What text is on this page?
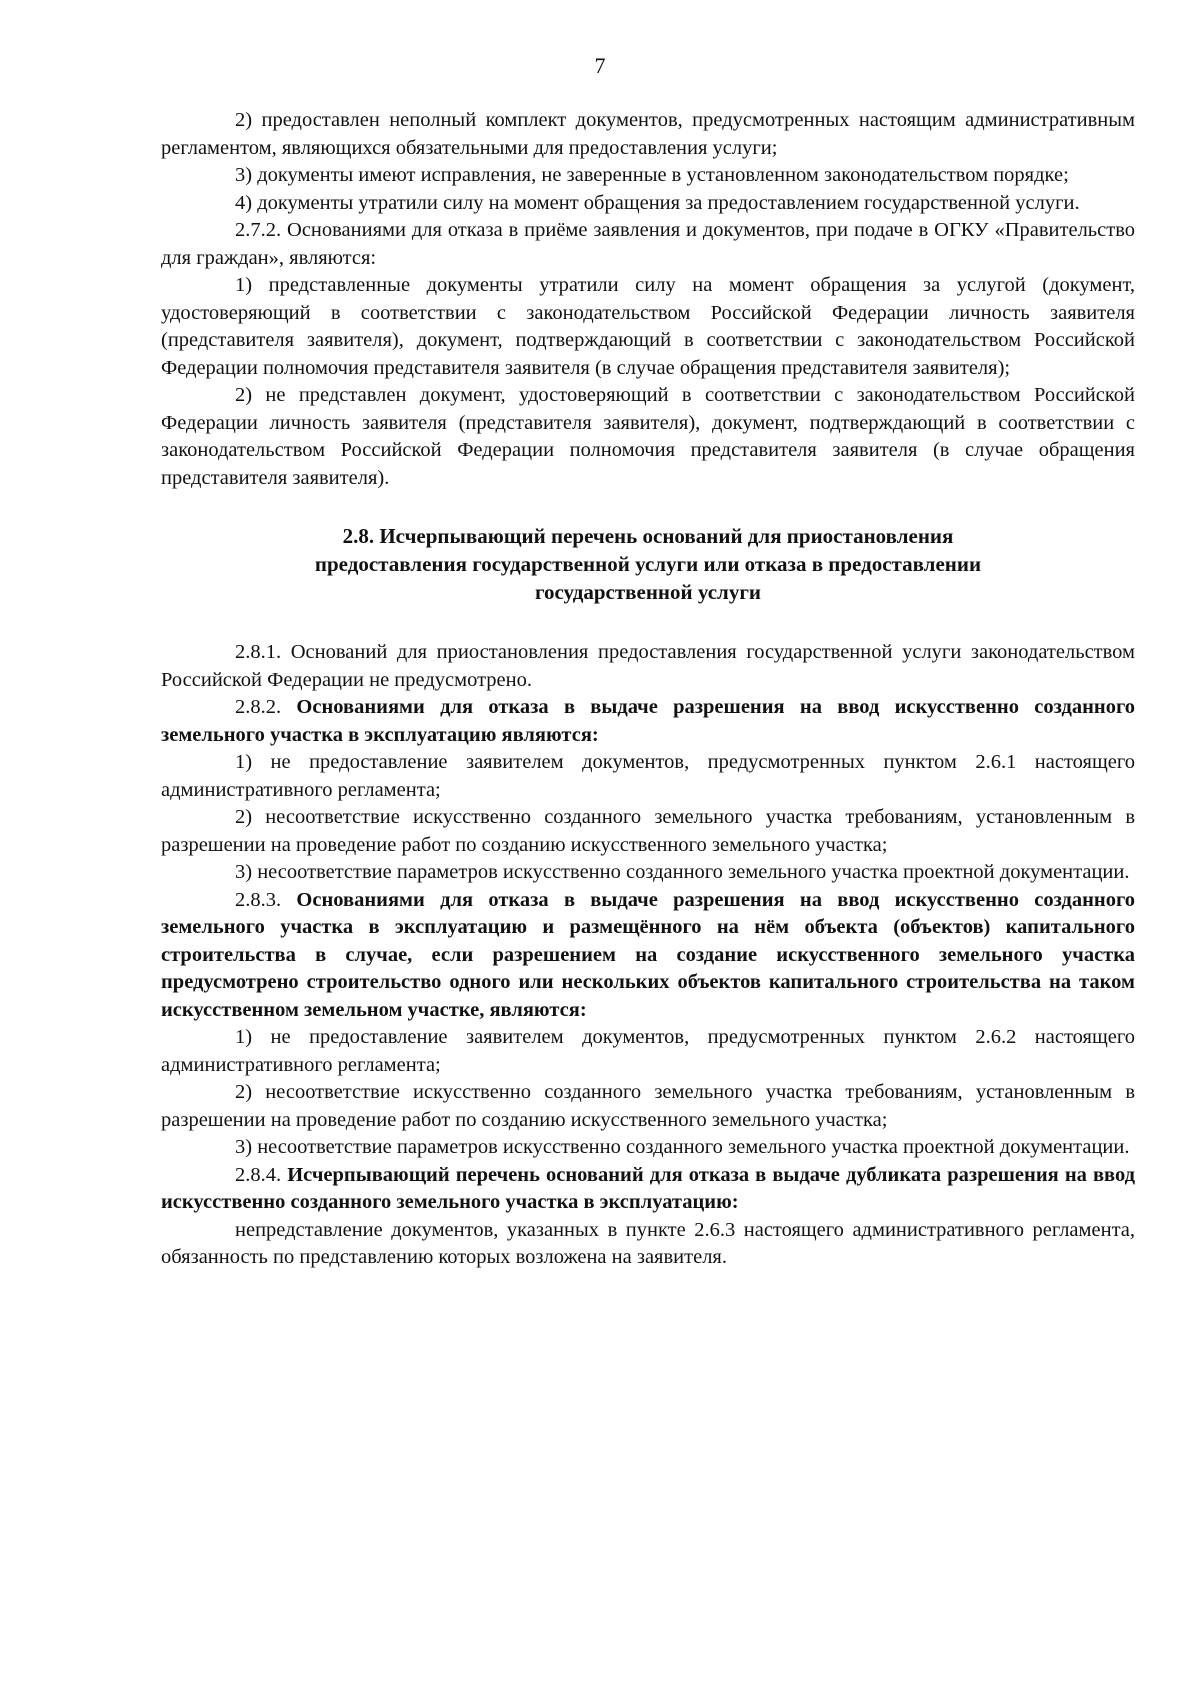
7

2) предоставлен неполный комплект документов, предусмотренных настоящим административным регламентом, являющихся обязательными для предоставления услуги;

3) документы имеют исправления, не заверенные в установленном законодательством порядке;

4) документы утратили силу на момент обращения за предоставлением государственной услуги.

2.7.2. Основаниями для отказа в приёме заявления и документов, при подаче в ОГКУ «Правительство для граждан», являются:

1) представленные документы утратили силу на момент обращения за услугой (документ, удостоверяющий в соответствии с законодательством Российской Федерации личность заявителя (представителя заявителя), документ, подтверждающий в соответствии с законодательством Российской Федерации полномочия представителя заявителя (в случае обращения представителя заявителя);

2) не представлен документ, удостоверяющий в соответствии с законодательством Российской Федерации личность заявителя (представителя заявителя), документ, подтверждающий в соответствии с законодательством Российской Федерации полномочия представителя заявителя (в случае обращения представителя заявителя).

2.8. Исчерпывающий перечень оснований для приостановления
предоставления государственной услуги или отказа в предоставлении
государственной услуги

2.8.1. Оснований для приостановления предоставления государственной услуги законодательством Российской Федерации не предусмотрено.

2.8.2. Основаниями для отказа в выдаче разрешения на ввод искусственно созданного земельного участка в эксплуатацию являются:

1) не предоставление заявителем документов, предусмотренных пунктом 2.6.1 настоящего административного регламента;

2) несоответствие искусственно созданного земельного участка требованиям, установленным в разрешении на проведение работ по созданию искусственного земельного участка;

3) несоответствие параметров искусственно созданного земельного участка проектной документации.

2.8.3. Основаниями для отказа в выдаче разрешения на ввод искусственно созданного земельного участка в эксплуатацию и размещённого на нём объекта (объектов) капитального строительства в случае, если разрешением на создание искусственного земельного участка предусмотрено строительство одного или нескольких объектов капитального строительства на таком искусственном земельном участке, являются:

1) не предоставление заявителем документов, предусмотренных пунктом 2.6.2 настоящего административного регламента;

2) несоответствие искусственно созданного земельного участка требованиям, установленным в разрешении на проведение работ по созданию искусственного земельного участка;

3) несоответствие параметров искусственно созданного земельного участка проектной документации.

2.8.4. Исчерпывающий перечень оснований для отказа в выдаче дубликата разрешения на ввод искусственно созданного земельного участка в эксплуатацию:

непредставление документов, указанных в пункте 2.6.3 настоящего административного регламента, обязанность по представлению которых возложена на заявителя.
